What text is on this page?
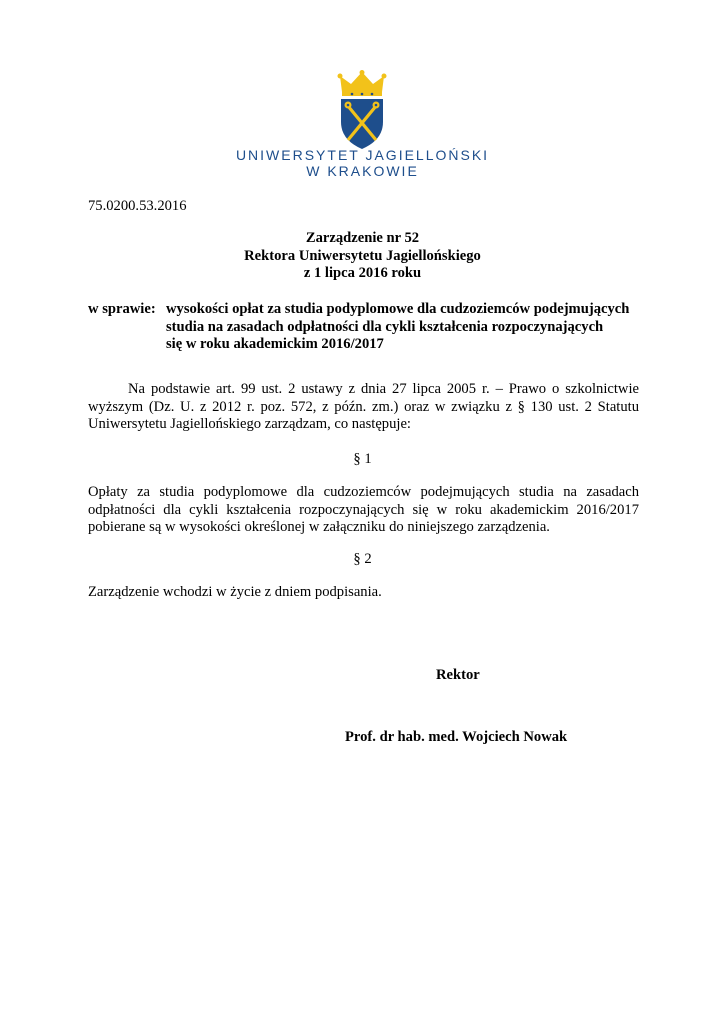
UNIWERSYTET JAGIELLOŃSKI
W KRAKOWIE
75.0200.53.2016
Zarządzenie nr 52
Rektora Uniwersytetu Jagiellońskiego
z 1 lipca 2016 roku
w sprawie: wysokości opłat za studia podyplomowe dla cudzoziemców podejmujących
studia na zasadach odpłatności dla cykli kształcenia rozpoczynających
się w roku akademickim 2016/2017
Na podstawie art. 99 ust. 2 ustawy z dnia 27 lipca 2005 r. – Prawo o szkolnictwie wyższym (Dz. U. z 2012 r. poz. 572, z późn. zm.) oraz w związku z § 130 ust. 2 Statutu Uniwersytetu Jagiellońskiego zarządzam, co następuje:
§ 1
Opłaty za studia podyplomowe dla cudzoziemców podejmujących studia na zasadach odpłatności dla cykli kształcenia rozpoczynających się w roku akademickim 2016/2017 pobierane są w wysokości określonej w załączniku do niniejszego zarządzenia.
§ 2
Zarządzenie wchodzi w życie z dniem podpisania.
Rektor
Prof. dr hab. med. Wojciech Nowak
